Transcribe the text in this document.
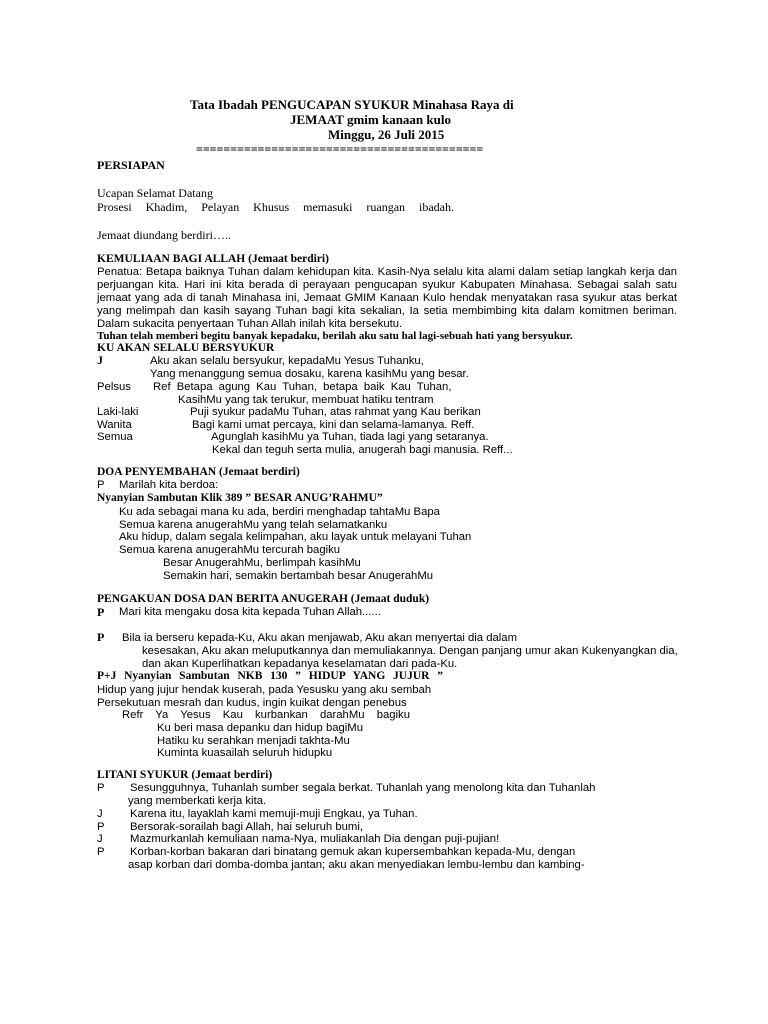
Tata Ibadah PENGUCAPAN SYUKUR Minahasa Raya di
JEMAAT gmim kanaan kulo
Minggu, 26 Juli 2015
==========================================
PERSIAPAN
Ucapan Selamat Datang
Prosesi Khadim, Pelayan Khusus memasuki ruangan ibadah.
Jemaat diundang berdiri…..
KEMULIAAN BAGI ALLAH (Jemaat berdiri)
Penatua: Betapa baiknya Tuhan dalam kehidupan kita. Kasih-Nya selalu kita alami dalam setiap langkah kerja dan
perjuangan kita. Hari ini kita berada di perayaan pengucapan syukur Kabupaten Minahasa. Sebagai salah satu
jemaat yang ada di tanah Minahasa ini, Jemaat GMIM Kanaan Kulo hendak menyatakan rasa syukur atas berkat
yang melimpah dan kasih sayang Tuhan bagi kita sekalian, Ia setia membimbing kita dalam komitmen beriman.
Dalam sukacita penyertaan Tuhan Allah inilah kita bersekutu.
Tuhan telah memberi begitu banyak kepadaku, berilah aku satu hal lagi-sebuah hati yang bersyukur.
KU AKAN SELALU BERSYUKUR
J	Aku akan selalu bersyukur, kepadaMu Yesus Tuhanku,
Yang menanggung semua dosaku, karena kasihMu yang besar.
Pelsus Ref Betapa agung Kau Tuhan, betapa baik Kau Tuhan,
KasihMu yang tak terukur, membuat hatiku tentram
Laki-laki	Puji syukur padaMu Tuhan, atas rahmat yang Kau berikan
Wanita	Bagi kami umat percaya, kini dan selama-lamanya. Reff.
Semua	Agunglah kasihMu ya Tuhan, tiada lagi yang setaranya.
Kekal dan teguh serta mulia, anugerah bagi manusia. Reff...
DOA PENYEMBAHAN (Jemaat berdiri)
P Marilah kita berdoa:
Nyanyian Sambutan Klik 389 ” BESAR ANUG’RAHMU”
Ku ada sebagai mana ku ada, berdiri menghadap tahtaMu Bapa
Semua karena anugerahMu yang telah selamatkanku
Aku hidup, dalam segala kelimpahan, aku layak untuk melayani Tuhan
Semua karena anugerahMu tercurah bagiku
Besar AnugerahMu, berlimpah kasihMu
Semakin hari, semakin bertambah besar AnugerahMu
PENGAKUAN DOSA DAN BERITA ANUGERAH (Jemaat duduk)
P Mari kita mengaku dosa kita kepada Tuhan Allah......
P Bila ia berseru kepada-Ku, Aku akan menjawab, Aku akan menyertai dia dalam
kesesakan, Aku akan meluputkannya dan memuliakannya. Dengan panjang umur akan Kukenyangkan dia,
dan akan Kuperlihatkan kepadanya keselamatan dari pada-Ku.
P+J Nyanyian Sambutan NKB 130 ” HIDUP YANG JUJUR ”
Hidup yang jujur hendak kuserah, pada Yesusku yang aku sembah
Persekutuan mesrah dan kudus, ingin kuikat dengan penebus
Refr Ya Yesus Kau kurbankan darahMu bagiku
Ku beri masa depanku dan hidup bagiMu
Hatiku ku serahkan menjadi takhta-Mu
Kuminta kuasailah seluruh hidupku
LITANI SYUKUR (Jemaat berdiri)
P Sesungguhnya, Tuhanlah sumber segala berkat. Tuhanlah yang menolong kita dan Tuhanlah
yang memberkati kerja kita.
J Karena itu, layaklah kami memuji-muji Engkau, ya Tuhan.
P Bersorak-sorailah bagi Allah, hai seluruh bumi,
J Mazmurkanlah kemuliaan nama-Nya, muliakanlah Dia dengan puji-pujian!
P Korban-korban bakaran dari binatang gemuk akan kupersembahkan kepada-Mu, dengan
asap korban dari domba-domba jantan; aku akan menyediakan lembu-lembu dan kambing-
